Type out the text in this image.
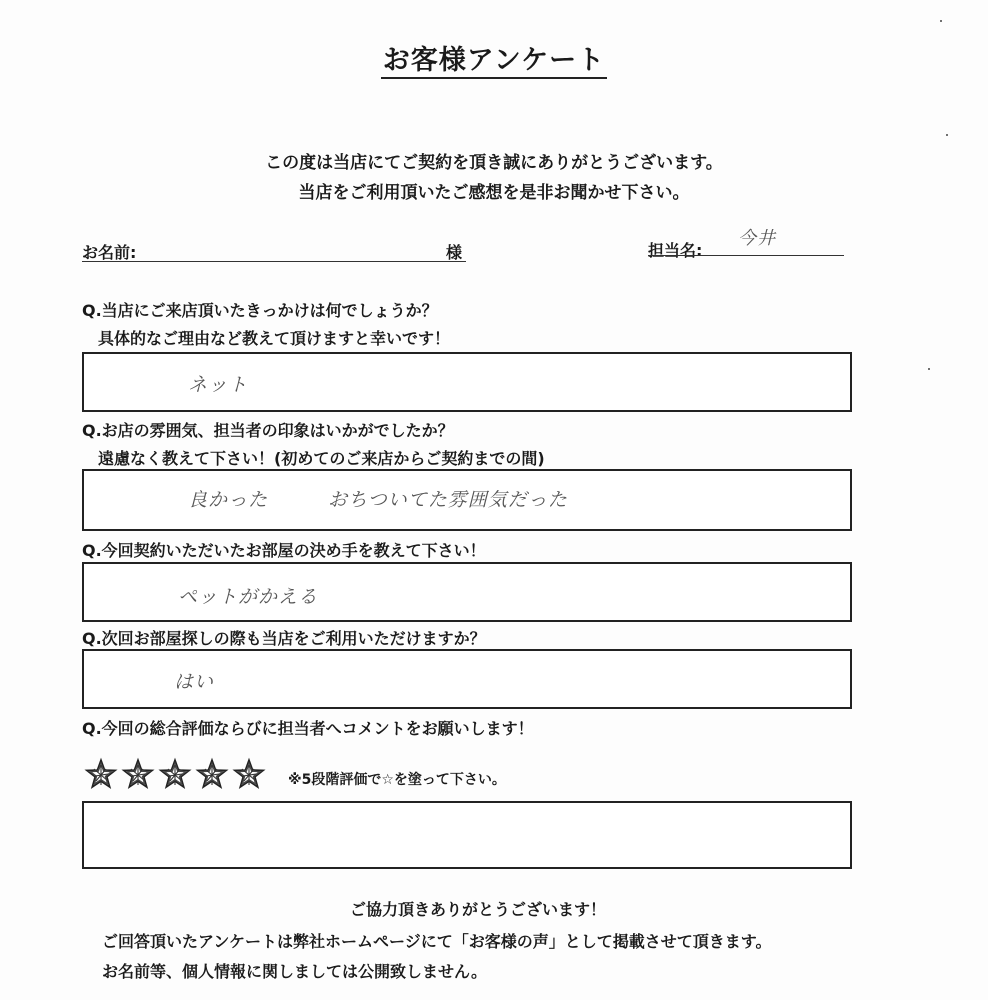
お客様アンケート
この度は当店にてご契約を頂き誠にありがとうございます。
当店をご利用頂いたご感想を是非お聞かせ下さい。
お名前:	様	担当名:
今井
Q.当店にご来店頂いたきっかけは何でしょうか？
具体的なご理由など教えて頂けますと幸いです！
ネット
Q.お店の雰囲気、担当者の印象はいかがでしたか？
遠慮なく教えて下さい！(初めてのご来店からご契約までの間)
良かった　　　おちついてた雰囲気だった
Q.今回契約いただいたお部屋の決め手を教えて下さい！
ペットがかえる
Q.次回お部屋探しの際も当店をご利用いただけますか？
はい
Q.今回の総合評価ならびに担当者へコメントをお願いします！
※5段階評価で☆を塗って下さい。
ご協力頂きありがとうございます！
ご回答頂いたアンケートは弊社ホームページにて「お客様の声」として掲載させて頂きます。
お名前等、個人情報に関しましては公開致しません。
